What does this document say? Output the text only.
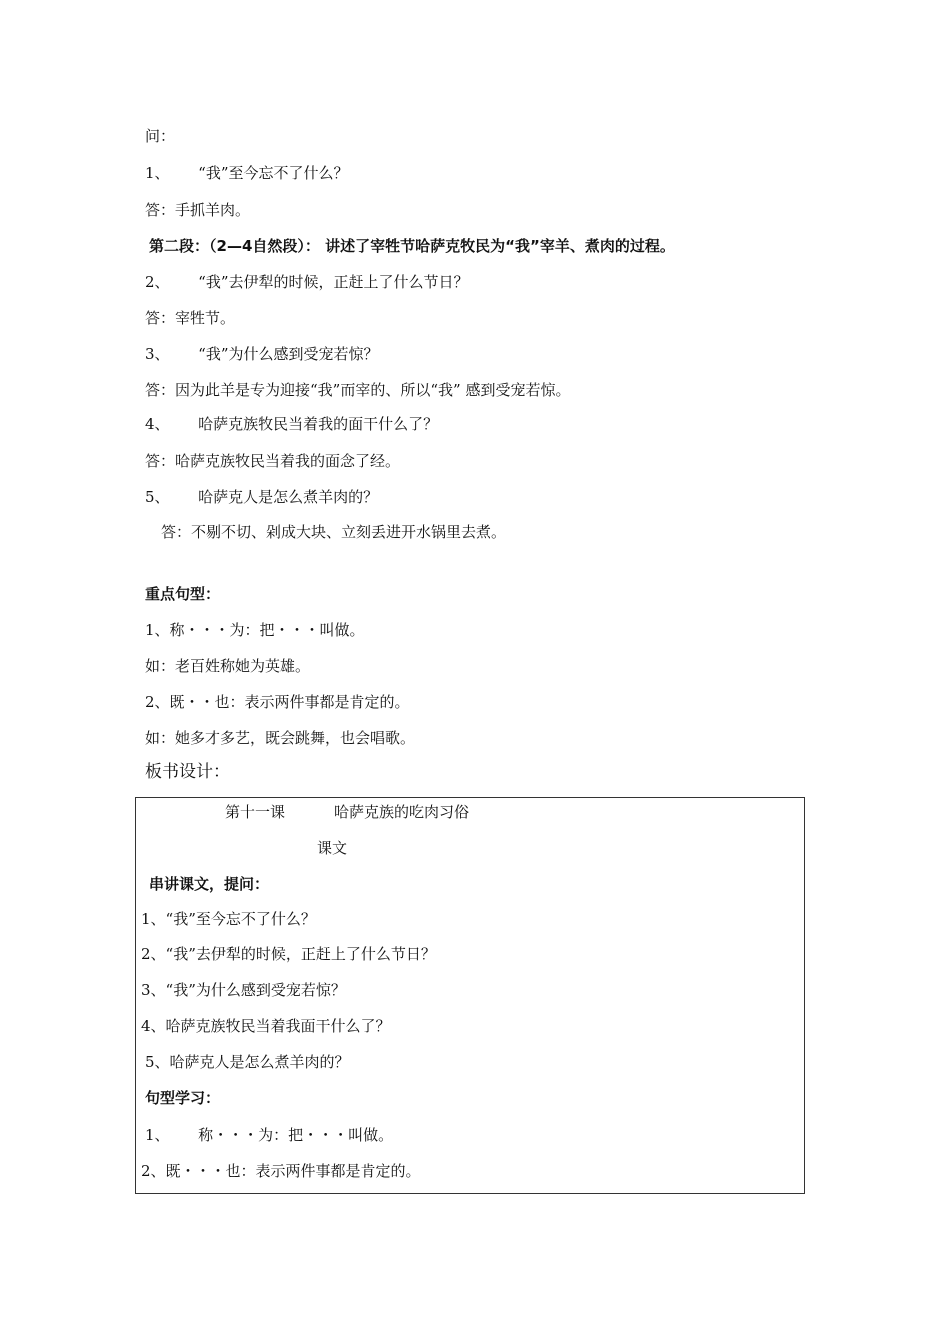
问：
1、      “我”至今忘不了什么？
答：手抓羊肉。
第二段：（2—4自然段）： 讲述了宰牲节哈萨克牧民为“我”宰羊、煮肉的过程。
2、      “我”去伊犁的时候，正赶上了什么节日？
答：宰牲节。
3、      “我”为什么感到受宠若惊？
答：因为此羊是专为迎接“我”而宰的、所以“我” 感到受宠若惊。
4、      哈萨克族牧民当着我的面干什么了？
答：哈萨克族牧民当着我的面念了经。
5、      哈萨克人是怎么煮羊肉的？
答：不剔不切、剁成大块、立刻丢进开水锅里去煮。
重点句型：
1、称・・・为：把・・・叫做。
如：老百姓称她为英雄。
2、既・・也：表示两件事都是肯定的。
如：她多才多艺，既会跳舞，也会唱歌。
板书设计：
第十一课	哈萨克族的吃肉习俗
课文
串讲课文，提问：
1、“我”至今忘不了什么？
2、“我”去伊犁的时候，正赶上了什么节日？
3、“我”为什么感到受宠若惊？
4、哈萨克族牧民当着我面干什么了？
5、哈萨克人是怎么煮羊肉的？
句型学习：
1、      称・・・为：把・・・叫做。
2、既・・・也：表示两件事都是肯定的。
